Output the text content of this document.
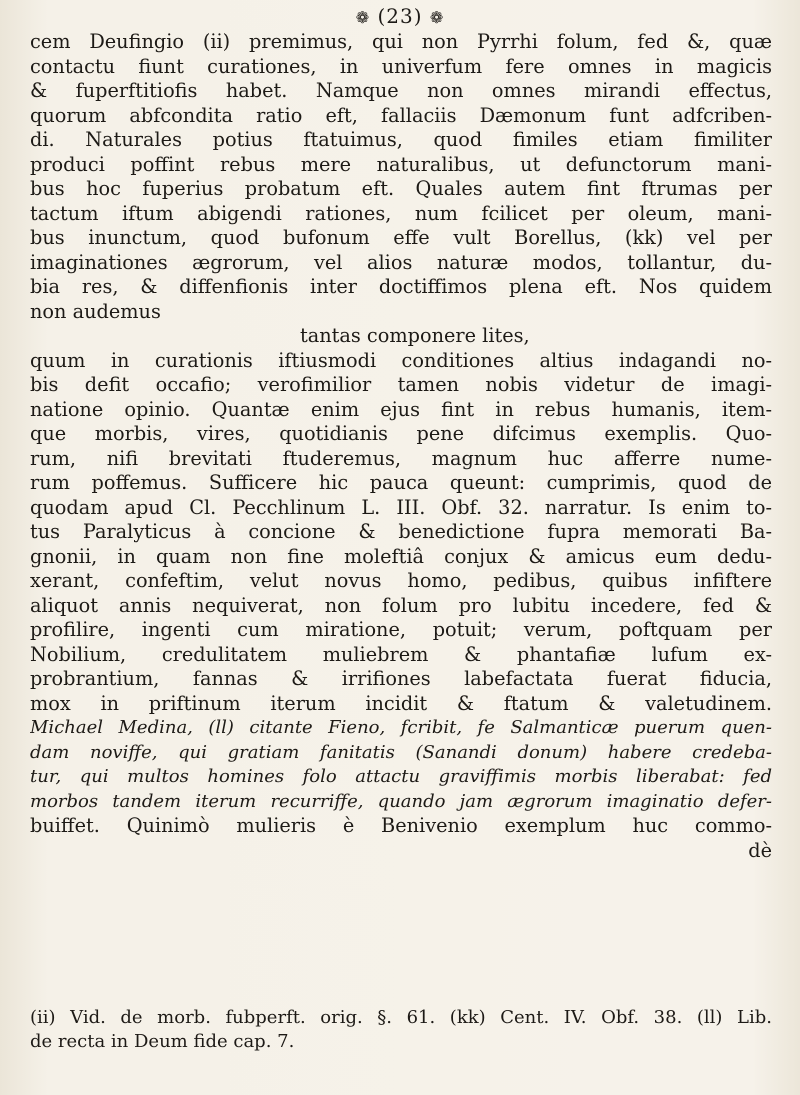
❁ (23) ❁
cem Deufingio (ii) premimus, qui non Pyrrhi folum, fed &, quæ
contactu fiunt curationes, in univerfum fere omnes in magicis
& fuperftitiofis habet. Namque non omnes mirandi effectus,
quorum abfcondita ratio eft, fallaciis Dæmonum funt adfcriben-
di. Naturales potius ftatuimus, quod fimiles etiam fimiliter
produci poffint rebus mere naturalibus, ut defunctorum mani-
bus hoc fuperius probatum eft. Quales autem fint ftrumas per
tactum iftum abigendi rationes, num fcilicet per oleum, mani-
bus inunctum, quod bufonum effe vult Borellus, (kk) vel per
imaginationes ægrorum, vel alios naturæ modos, tollantur, du-
bia res, & diffenfionis inter doctiffimos plena eft. Nos quidem
non audemus
tantas componere lites,
quum in curationis iftiusmodi conditiones altius indagandi no-
bis defit occafio; verofimilior tamen nobis videtur de imagi-
natione opinio. Quantæ enim ejus fint in rebus humanis, item-
que morbis, vires, quotidianis pene difcimus exemplis. Quo-
rum, nifi brevitati ftuderemus, magnum huc afferre nume-
rum poffemus. Sufficere hic pauca queunt: cumprimis, quod de
quodam apud Cl. Pecchlinum L. III. Obf. 32. narratur. Is enim to-
tus Paralyticus à concione & benedictione fupra memorati Ba-
gnonii, in quam non fine moleftiâ conjux & amicus eum dedu-
xerant, confeftim, velut novus homo, pedibus, quibus infiftere
aliquot annis nequiverat, non folum pro lubitu incedere, fed &
profilire, ingenti cum miratione, potuit; verum, poftquam per
Nobilium, credulitatem muliebrem & phantafiæ lufum ex-
probrantium, fannas & irrifiones labefactata fuerat fiducia,
mox in priftinum iterum incidit & ftatum & valetudinem.
Michael Medina, (ll) citante Fieno, fcribit, fe Salmanticæ puerum quen-
dam noviffe, qui gratiam fanitatis (Sanandi donum) habere credeba-
tur, qui multos homines folo attactu graviffimis morbis liberabat: fed
morbos tandem iterum recurriffe, quando jam ægrorum imaginatio defer-
buiffet. Quinimò mulieris è Benivenio exemplum huc commo-
dè
(ii) Vid. de morb. fubperft. orig. §. 61. (kk) Cent. IV. Obf. 38. (ll) Lib.
de recta in Deum fide cap. 7.
